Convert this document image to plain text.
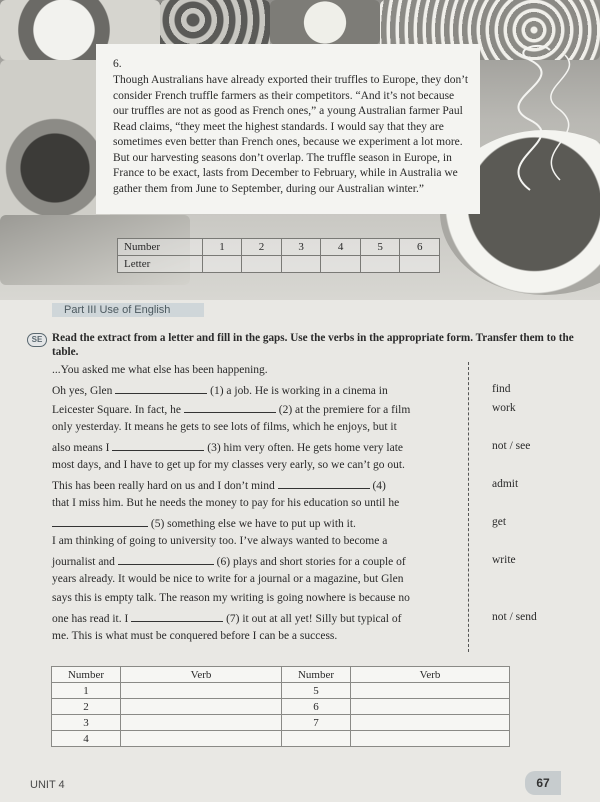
6.

Though Australians have already exported their truffles to Europe, they don’t consider French truffle farmers as their competitors. “And it’s not because our truffles are not as good as French ones,” a young Australian farmer Paul Read claims, “they meet the highest standards. I would say that they are sometimes even better than French ones, because we experiment a lot more. But our harvesting seasons don’t overlap. The truffle season in Europe, in France to be exact, lasts from December to February, while in Australia we gather them from June to September, during our Australian winter.”

Number	1	2	3	4	5	6
Letter						
Part III Use of English
SE Read the extract from a letter and fill in the gaps. Use the verbs in the appropriate form. Transfer them to the table.

...You asked me what else has been happening.
Oh yes, Glen	(1) a job. He is working in a cinema in
Leicester Square. In fact, he	(2) at the premiere for a film
only yesterday. It means he gets to see lots of films, which he enjoys, but it
also means I	(3) him very often. He gets home very late
most days, and I have to get up for my classes very early, so we can’t go out.
This has been really hard on us and I don’t mind	(4)
that I miss him. But he needs the money to pay for his education so until he
(5) something else we have to put up with it.
I am thinking of going to university too. I’ve always wanted to become a
journalist and	(6) plays and short stories for a couple of
years already. It would be nice to write for a journal or a magazine, but Glen
says this is empty talk. The reason my writing is going nowhere is because no
one has read it. I	(7) it out at all yet! Silly but typical of
me. This is what must be conquered before I can be a success.
find
work
not / see
admit
get
write
not / send
Number	Verb	Number	Verb
1		5	
2		6	
3		7	
4			
UNIT 4	67
